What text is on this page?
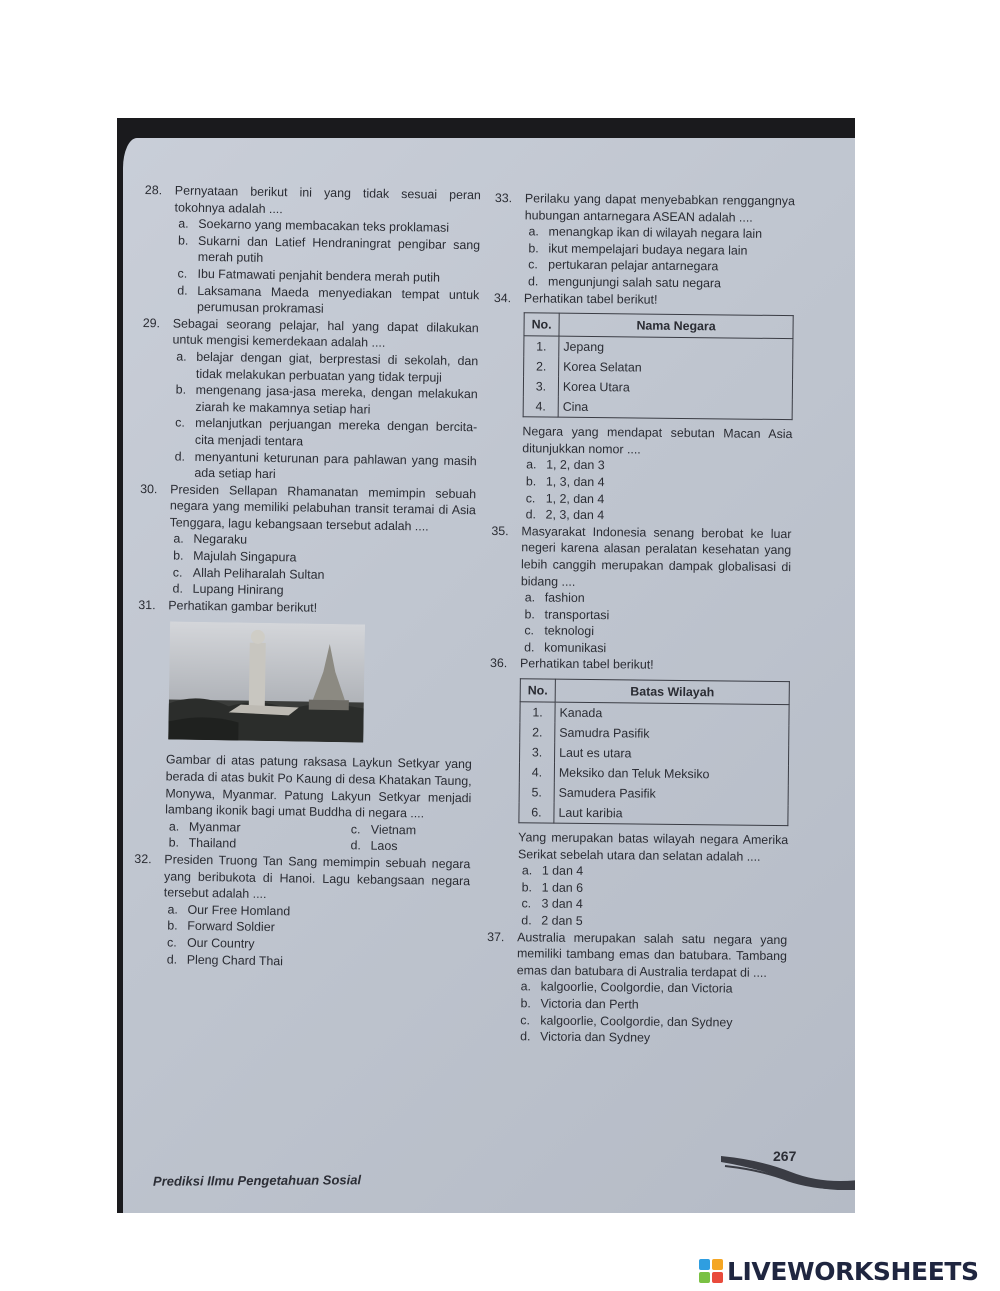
28.	Pernyataan berikut ini yang tidak sesuai peran tokohnya adalah ....
a. Soekarno yang membacakan teks proklamasi
b. Sukarni dan Latief Hendraningrat pengibar sang merah putih
c. Ibu Fatmawati penjahit bendera merah putih
d. Laksamana Maeda menyediakan tempat untuk perumusan prokramasi
29.	Sebagai seorang pelajar, hal yang dapat dilakukan untuk mengisi kemerdekaan adalah ....
a. belajar dengan giat, berprestasi di sekolah, dan tidak melakukan perbuatan yang tidak terpuji
b. mengenang jasa-jasa mereka, dengan melakukan ziarah ke makamnya setiap hari
c. melanjutkan perjuangan mereka dengan bercita-cita menjadi tentara
d. menyantuni keturunan para pahlawan yang masih ada setiap hari
30.	Presiden Sellapan Rhamanatan memimpin sebuah negara yang memiliki pelabuhan transit teramai di Asia Tenggara, lagu kebangsaan tersebut adalah ....
a. Negaraku
b. Majulah Singapura
c. Allah Peliharalah Sultan
d. Lupang Hinirang
31.	Perhatikan gambar berikut!
Gambar di atas patung raksasa Laykun Setkyar yang berada di atas bukit Po Kaung di desa Khatakan Taung, Monywa, Myanmar. Patung Lakyun Setkyar menjadi lambang ikonik bagi umat Buddha di negara ....
a. Myanmar	c. Vietnam
b. Thailand	d. Laos
32.	Presiden Truong Tan Sang memimpin sebuah negara yang beribukota di Hanoi. Lagu kebangsaan negara tersebut adalah ....
a. Our Free Homland
b. Forward Soldier
c. Our Country
d. Pleng Chard Thai
33.	Perilaku yang dapat menyebabkan renggangnya hubungan antarnegara ASEAN adalah ....
a. menangkap ikan di wilayah negara lain
b. ikut mempelajari budaya negara lain
c. pertukaran pelajar antarnegara
d. mengunjungi salah satu negara
34.	Perhatikan tabel berikut!
No.	Nama Negara
1.	Jepang
2.	Korea Selatan
3.	Korea Utara
4.	Cina
Negara yang mendapat sebutan Macan Asia ditunjukkan nomor ....
a. 1, 2, dan 3
b. 1, 3, dan 4
c. 1, 2, dan 4
d. 2, 3, dan 4
35.	Masyarakat Indonesia senang berobat ke luar negeri karena alasan peralatan kesehatan yang lebih canggih merupakan dampak globalisasi di bidang ....
a. fashion
b. transportasi
c. teknologi
d. komunikasi
36.	Perhatikan tabel berikut!
No.	Batas Wilayah
1.	Kanada
2.	Samudra Pasifik
3.	Laut es utara
4.	Meksiko dan Teluk Meksiko
5.	Samudera Pasifik
6.	Laut karibia
Yang merupakan batas wilayah negara Amerika Serikat sebelah utara dan selatan adalah ....
a. 1 dan 4
b. 1 dan 6
c. 3 dan 4
d. 2 dan 5
37.	Australia merupakan salah satu negara yang memiliki tambang emas dan batubara. Tambang emas dan batubara di Australia terdapat di ....
a. kalgoorlie, Coolgordie, dan Victoria
b. Victoria dan Perth
c. kalgoorlie, Coolgordie, dan Sydney
d. Victoria dan Sydney
267
Prediksi Ilmu Pengetahuan Sosial
LIVEWORKSHEETS
